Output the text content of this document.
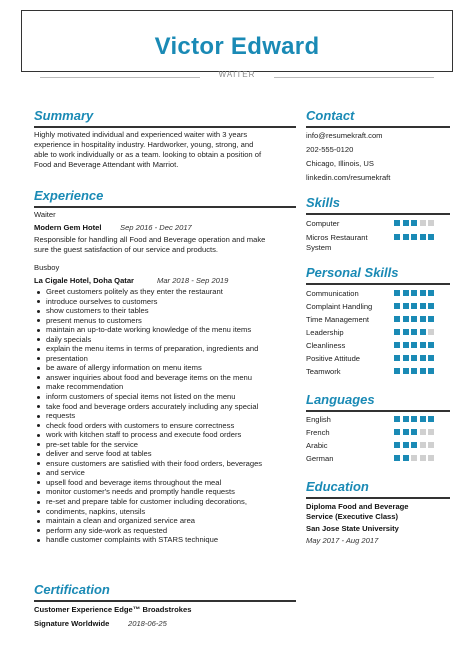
Victor Edward
WAITER
Summary
Highly motivated individual and experienced waiter with 3 years
experience in hospitality industry. Hardworker, young, strong, and
able to work individually or as a team. looking to obtain a position of
Food and Beverage Attendant with Marriot.
Experience
Waiter
Modern Gem Hotel Sep 2016 - Dec 2017
Responsible for handling all Food and Beverage operation and make
sure the guest satisfaction of our service and products.
Busboy
La Cigale Hotel, Doha Qatar	Mar 2018 - Sep 2019
Greet customers politely as they enter the restaurant
introduce ourselves to customers
show customers to their tables
present menus to customers
maintain an up-to-date working knowledge of the menu items
daily specials
explain the menu items in terms of preparation, ingredients and
presentation
be aware of allergy information on menu items
answer inquiries about food and beverage items on the menu
make recommendation
inform customers of special items not listed on the menu
take food and beverage orders accurately including any special
requests
check food orders with customers to ensure correctness
work with kitchen staff to process and execute food orders
pre-set table for the service
deliver and serve food at tables
ensure customers are satisfied with their food orders, beverages
and service
upsell food and beverage items throughout the meal
monitor customer's needs and promptly handle requests
re-set and prepare table for customer including decorations,
condiments, napkins, utensils
maintain a clean and organized service area
perform any side-work as requested
handle customer complaints with STARS technique
Certification
Customer Experience Edge™ Broadstrokes
Signature Worldwide 2018-06-25
Contact
info@resumekraft.com
202-555-0120
Chicago, Illinois, US
linkedin.com/resumekraft
Skills
Computer
Micros Restaurant
System
Personal Skills
Communication
Complaint Handling
Time Management
Leadership
Cleanliness
Positive Attitude
Teamwork
Languages
English
French
Arabic
German
Education
Diploma Food and Beverage
Service (Executive Class)
San Jose State University
May 2017 - Aug 2017
